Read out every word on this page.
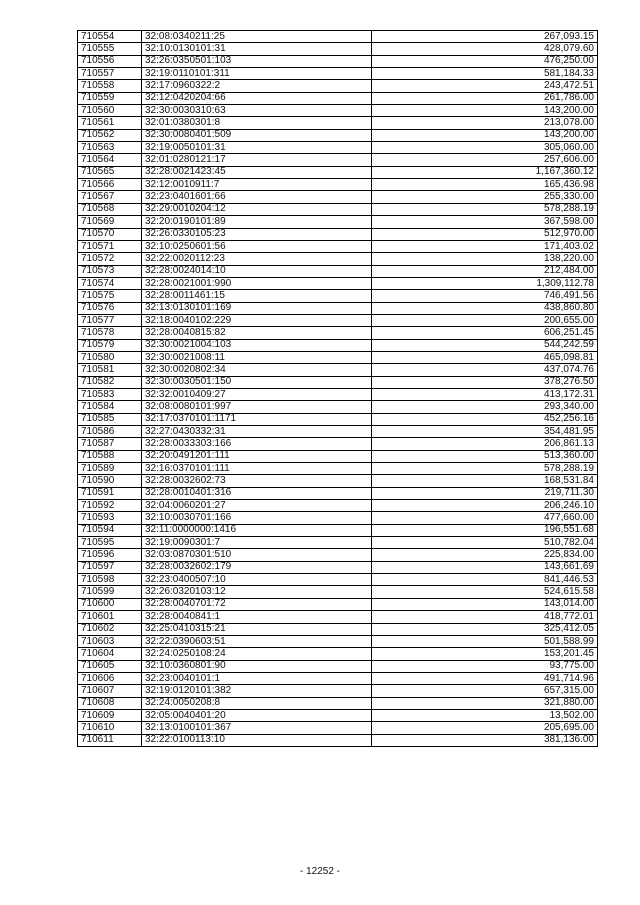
710554	32:08:0340211:25	267,093.15
710555	32:10:0130101:31	428,079.60
710556	32:26:0350501:103	476,250.00
710557	32:19:0110101:311	581,184.33
710558	32:17:0960322:2	243,472.51
710559	32:12:0420204:66	261,786.00
710560	32:30:0030310:63	143,200.00
710561	32:01:0380301:8	213,078.00
710562	32:30:0080401:509	143,200.00
710563	32:19:0050101:31	305,060.00
710564	32:01:0280121:17	257,606.00
710565	32:28:0021423:45	1,167,360.12
710566	32:12:0010911:7	165,436.98
710567	32:23:0401601:66	255,330.00
710568	32:29:0010204:12	578,288.19
710569	32:20:0190101:89	367,598.00
710570	32:26:0330105:23	512,970.00
710571	32:10:0250601:56	171,403.02
710572	32:22:0020112:23	138,220.00
710573	32:28:0024014:10	212,484.00
710574	32:28:0021001:990	1,309,112.78
710575	32:28:0011461:15	746,491.56
710576	32:13:0130101:169	438,860.80
710577	32:18:0040102:229	200,655.00
710578	32:28:0040815:82	606,251.45
710579	32:30:0021004:103	544,242.59
710580	32:30:0021008:11	465,098.81
710581	32:30:0020802:34	437,074.76
710582	32:30:0030501:150	378,276.50
710583	32:32:0010409:27	413,172.31
710584	32:08:0080101:997	293,340.00
710585	32:17:0370101:1171	452,256.16
710586	32:27:0430332:31	354,481.95
710587	32:28:0033303:166	206,861.13
710588	32:20:0491201:111	513,360.00
710589	32:16:0370101:111	578,288.19
710590	32:28:0032602:73	168,531.84
710591	32:28:0010401:316	219,711.30
710592	32:04:0060201:27	206,246.10
710593	32:10:0030701:166	477,660.00
710594	32:11:0000000:1416	196,551.68
710595	32:19:0090301:7	510,782.04
710596	32:03:0870301:510	225,834.00
710597	32:28:0032602:179	143,661.69
710598	32:23:0400507:10	841,446.53
710599	32:26:0320103:12	524,615.58
710600	32:28:0040701:72	143,014.00
710601	32:28:0040841:1	418,772.01
710602	32:25:0410315:21	325,412.05
710603	32:22:0390603:51	501,588.99
710604	32:24:0250108:24	153,201.45
710605	32:10:0360801:90	93,775.00
710606	32:23:0040101:1	491,714.96
710607	32:19:0120101:382	657,315.00
710608	32:24:0050208:8	321,880.00
710609	32:05:0040401:20	13,502.00
710610	32:13:0100101:367	205,695.00
710611	32:22:0100113:10	381,136.00
- 12252 -
